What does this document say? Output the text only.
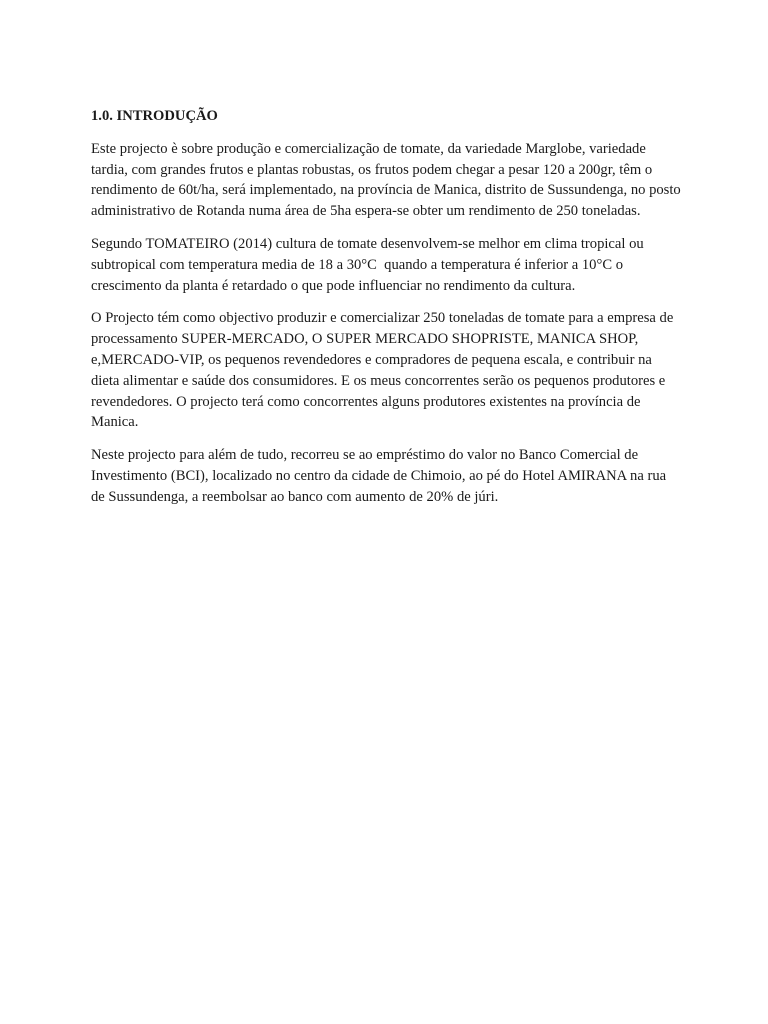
1.0. INTRODUÇÃO

Este projecto è sobre produção e comercialização de tomate, da variedade Marglobe, variedade tardia, com grandes frutos e plantas robustas, os frutos podem chegar a pesar 120 a 200gr, têm o rendimento de 60t/ha, será implementado, na província de Manica, distrito de Sussundenga, no posto administrativo de Rotanda numa área de 5ha espera-se obter um rendimento de 250 toneladas.

Segundo TOMATEIRO (2014) cultura de tomate desenvolvem-se melhor em clima tropical ou subtropical com temperatura media de 18 a 30°C  quando a temperatura é inferior a 10°C o crescimento da planta é retardado o que pode influenciar no rendimento da cultura.

O Projecto tém como objectivo produzir e comercializar 250 toneladas de tomate para a empresa de processamento SUPER-MERCADO, O SUPER MERCADO SHOPRISTE, MANICA SHOP, e,MERCADO-VIP, os pequenos revendedores e compradores de pequena escala, e contribuir na dieta alimentar e saúde dos consumidores. E os meus concorrentes serão os pequenos produtores e revendedores. O projecto terá como concorrentes alguns produtores existentes na província de Manica.

Neste projecto para além de tudo, recorreu se ao empréstimo do valor no Banco Comercial de Investimento (BCI), localizado no centro da cidade de Chimoio, ao pé do Hotel AMIRANA na rua de Sussundenga, a reembolsar ao banco com aumento de 20% de júri.
